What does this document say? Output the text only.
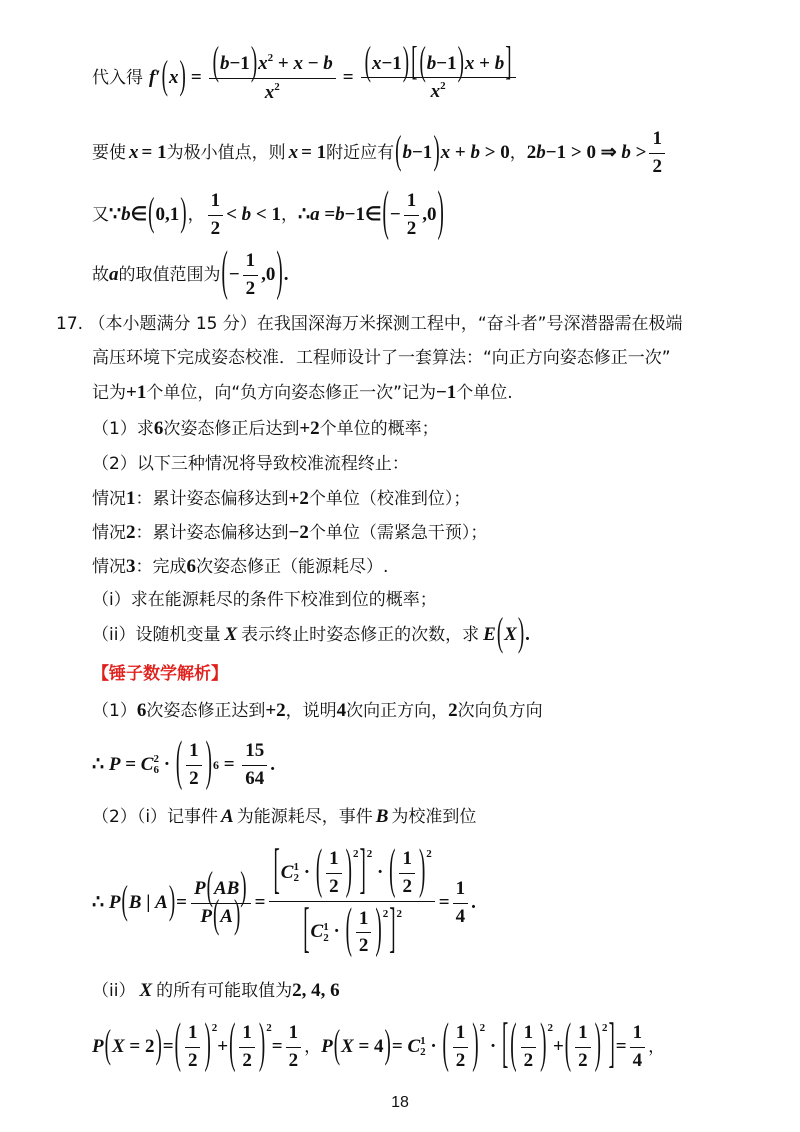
代入得 f ′ ( x ) = $\frac{(b-1)x^2 + x - b}{x^2} = \frac{(x-1) [ (b-1)x + b]}{x^2}$
要使 x = 1 为极小值点，则 x = 1 附近应有 ( b −1 ) x + b > 0 ， 2 b −1 > 0 ⇒ $b > \frac{1}{2}$
又 ∵ b ∈ ( 0,1 ) ， $\frac{1}{2} < b < 1$ ， ∴ a = b −1∈ ( − $\frac{1}{2} ,0$ )
故 a 的取值范围为 ( − $\frac{1}{2} ,0$ ) .
17. （本小题满分 15 分）在我国深海万米探测工程中，“奋斗者”号深潜器需在极端
高压环境下完成姿态校准．工程师设计了一套算法：“向正方向姿态修正一次”
记为 +1 个单位，向“负方向姿态修正一次”记为 −1 个单位.
（1）求 6 次姿态修正后达到 +2 个单位的概率；
（2）以下三种情况将导致校准流程终止：
情况 1 ：累计姿态偏移达到 +2 个单位（校准到位）；
情况 2 ：累计姿态偏移达到 −2 个单位（需紧急干预）；
情况 3 ：完成 6 次姿态修正（能源耗尽）.
（i）求在能源耗尽的条件下校准到位的概率；
（ii）设随机变量 X 表示终止时姿态修正的次数，求 E ( X ) .
【锤子数学解析】
（1） 6 次姿态修正达到 +2 ，说明 4 次向正方向， 2 次向负方向
∴ P = C 2
6 · ( $\frac{1}{2}$ ) $6 = \frac{15}{64}$ .
（2）（i）记事件 A 为能源耗尽，事件 B 为校准到位
∴ P ( B | A ) = $\frac{P(AB)}{P(A)}$ = [ C 1
2 · ( $\frac{1}{2}$ ) 2 ] 2
· ( $\frac{1}{2}$ ) 2
[ C 1
2 · ( $\frac{1}{2}$ ) 2 ] $2 = \frac{1}{4}$ .
（ii） X 的所有可能取值为 2, 4, 6
P ( X = 2 ) = ( $\frac{1}{2}$ ) 2
+ ( $\frac{1}{2}$ ) 2
= $\frac{1}{2}$ ， P ( X = 4 ) = C 1
2 · ( $\frac{1}{2}$ ) 2
· [ ( $\frac{1}{2}$ ) 2
+ ( $\frac{1}{2}$ ) 2 ] = $\frac{1}{4}$ ，
18
